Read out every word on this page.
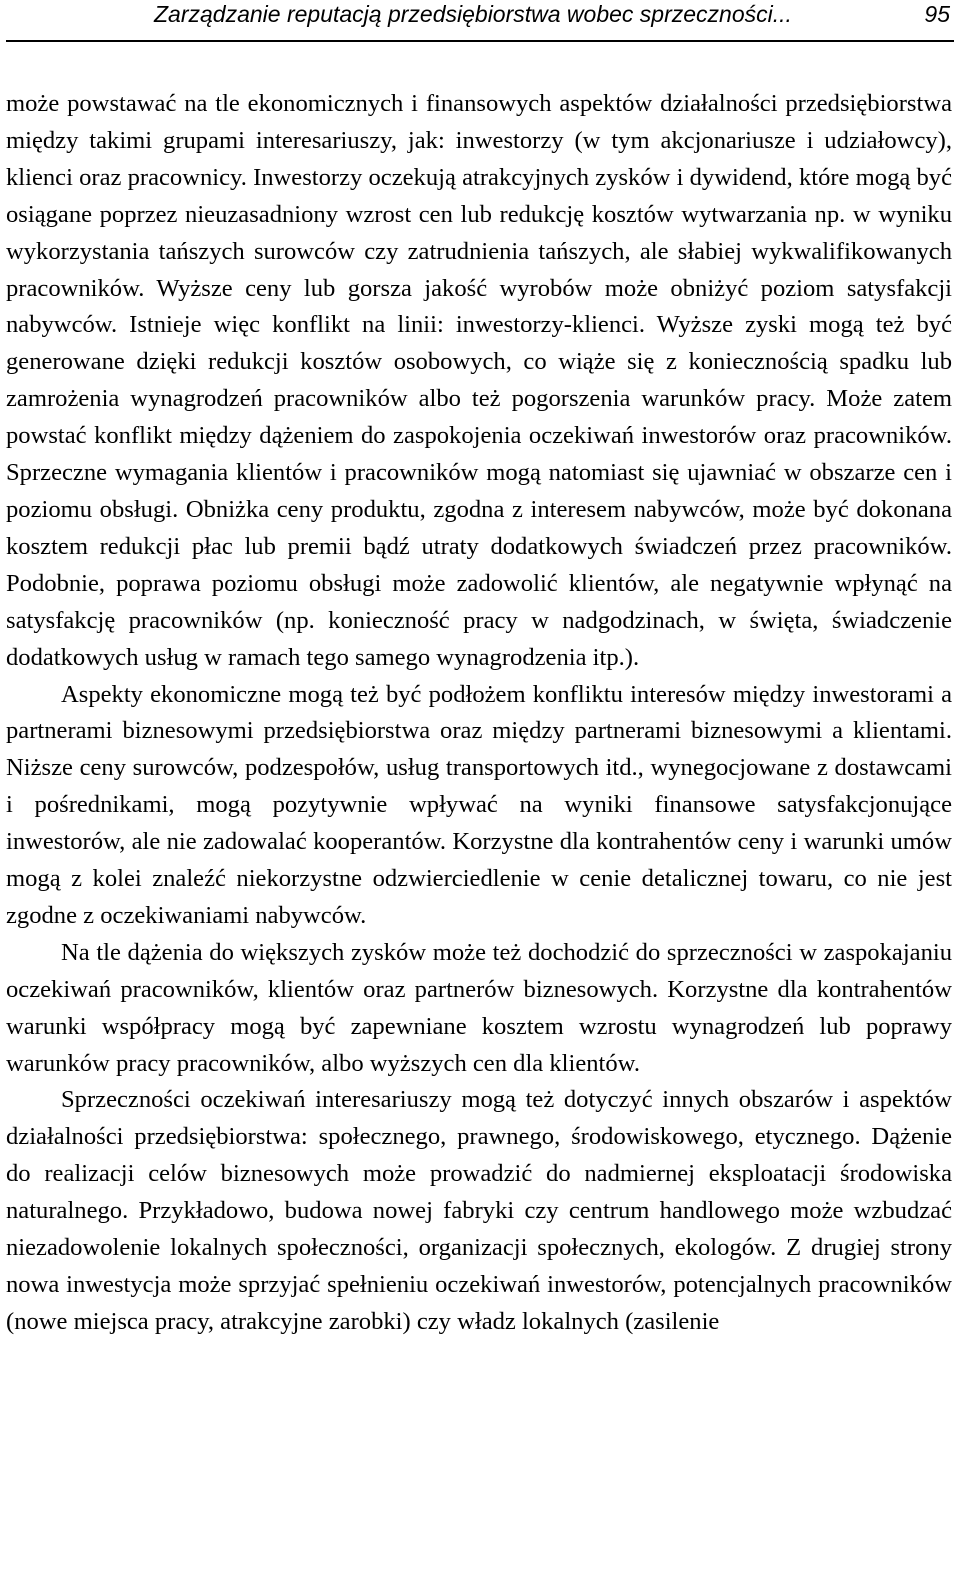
Zarządzanie reputacją przedsiębiorstwa wobec sprzeczności...	95

może powstawać na tle ekonomicznych i finansowych aspektów działalności przedsiębiorstwa między takimi grupami interesariuszy, jak: inwestorzy (w tym akcjonariusze i udziałowcy), klienci oraz pracownicy. Inwestorzy oczekują atrakcyjnych zysków i dywidend, które mogą być osiągane poprzez nieuzasadniony wzrost cen lub redukcję kosztów wytwarzania np. w wyniku wykorzystania tańszych surowców czy zatrudnienia tańszych, ale słabiej wykwalifikowanych pracowników. Wyższe ceny lub gorsza jakość wyrobów może obniżyć poziom satysfakcji nabywców. Istnieje więc konflikt na linii: inwestorzy-klienci. Wyższe zyski mogą też być generowane dzięki redukcji kosztów osobowych, co wiąże się z koniecznością spadku lub zamrożenia wynagrodzeń pracowników albo też pogorszenia warunków pracy. Może zatem powstać konflikt między dążeniem do zaspokojenia oczekiwań inwestorów oraz pracowników. Sprzeczne wymagania klientów i pracowników mogą natomiast się ujawniać w obszarze cen i poziomu obsługi. Obniżka ceny produktu, zgodna z interesem nabywców, może być dokonana kosztem redukcji płac lub premii bądź utraty dodatkowych świadczeń przez pracowników. Podobnie, poprawa poziomu obsługi może zadowolić klientów, ale negatywnie wpłynąć na satysfakcję pracowników (np. konieczność pracy w nadgodzinach, w święta, świadczenie dodatkowych usług w ramach tego samego wynagrodzenia itp.).

Aspekty ekonomiczne mogą też być podłożem konfliktu interesów między inwestorami a partnerami biznesowymi przedsiębiorstwa oraz między partnerami biznesowymi a klientami. Niższe ceny surowców, podzespołów, usług transportowych itd., wynegocjowane z dostawcami i pośrednikami, mogą pozytywnie wpływać na wyniki finansowe satysfakcjonujące inwestorów, ale nie zadowalać kooperantów. Korzystne dla kontrahentów ceny i warunki umów mogą z kolei znaleźć niekorzystne odzwierciedlenie w cenie detalicznej towaru, co nie jest zgodne z oczekiwaniami nabywców.

Na tle dążenia do większych zysków może też dochodzić do sprzeczności w zaspokajaniu oczekiwań pracowników, klientów oraz partnerów biznesowych. Korzystne dla kontrahentów warunki współpracy mogą być zapewniane kosztem wzrostu wynagrodzeń lub poprawy warunków pracy pracowników, albo wyższych cen dla klientów.

Sprzeczności oczekiwań interesariuszy mogą też dotyczyć innych obszarów i aspektów działalności przedsiębiorstwa: społecznego, prawnego, środowiskowego, etycznego. Dążenie do realizacji celów biznesowych może prowadzić do nadmiernej eksploatacji środowiska naturalnego. Przykładowo, budowa nowej fabryki czy centrum handlowego może wzbudzać niezadowolenie lokalnych społeczności, organizacji społecznych, ekologów. Z drugiej strony nowa inwestycja może sprzyjać spełnieniu oczekiwań inwestorów, potencjalnych pracowników (nowe miejsca pracy, atrakcyjne zarobki) czy władz lokalnych (zasilenie
